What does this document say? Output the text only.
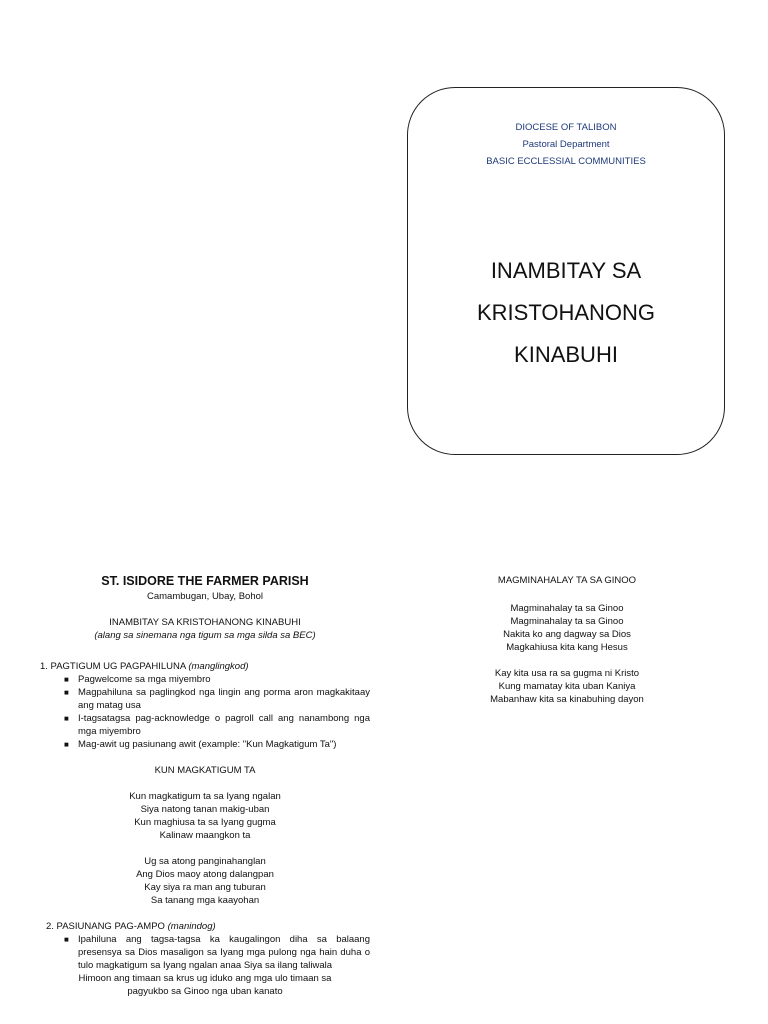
DIOCESE OF TALIBON
Pastoral Department
BASIC ECCLESSIAL COMMUNITIES
INAMBITAY SA
KRISTOHANONG
KINABUHI
ST. ISIDORE THE FARMER PARISH
Camambugan, Ubay, Bohol
INAMBITAY SA KRISTOHANONG KINABUHI
(alang sa sinemana nga tigum sa mga silda sa BEC)
1. PAGTIGUM UG PAGPAHILUNA (manglingkod)
■ Pagwelcome sa mga miyembro
■ Magpahiluna sa paglingkod nga lingin ang porma aron magkakitaay ang matag usa
■ I-tagsatagsa pag-acknowledge o pagroll call ang nanambong nga mga miyembro
■ Mag-awit ug pasiunang awit (example: "Kun Magkatigum Ta")
KUN MAGKATIGUM TA
Kun magkatigum ta sa Iyang ngalan
Siya natong tanan makig-uban
Kun maghiusa ta sa Iyang gugma
Kalinaw maangkon ta
Ug sa atong panginahanglan
Ang Dios maoy atong dalangpan
Kay siya ra man ang tuburan
Sa tanang mga kaayohan
2. PASIUNANG PAG-AMPO (manindog)
■ Ipahiluna ang tagsa-tagsa ka kaugalingon diha sa balaang presensya sa Dios masaligon sa Iyang mga pulong nga hain duha o tulo magkatigum sa Iyang ngalan anaa Siya sa ilang taliwala
Himoon ang timaan sa krus ug iduko ang mga ulo timaan sa
pagyukbo sa Ginoo nga uban kanato
MAGMINAHALAY TA SA GINOO
Magminahalay ta sa Ginoo
Magminahalay ta sa Ginoo
Nakita ko ang dagway sa Dios
Magkahiusa kita kang Hesus
Kay kita usa ra sa gugma ni Kristo
Kung mamatay kita uban Kaniya
Mabanhaw kita sa kinabuhing dayon
